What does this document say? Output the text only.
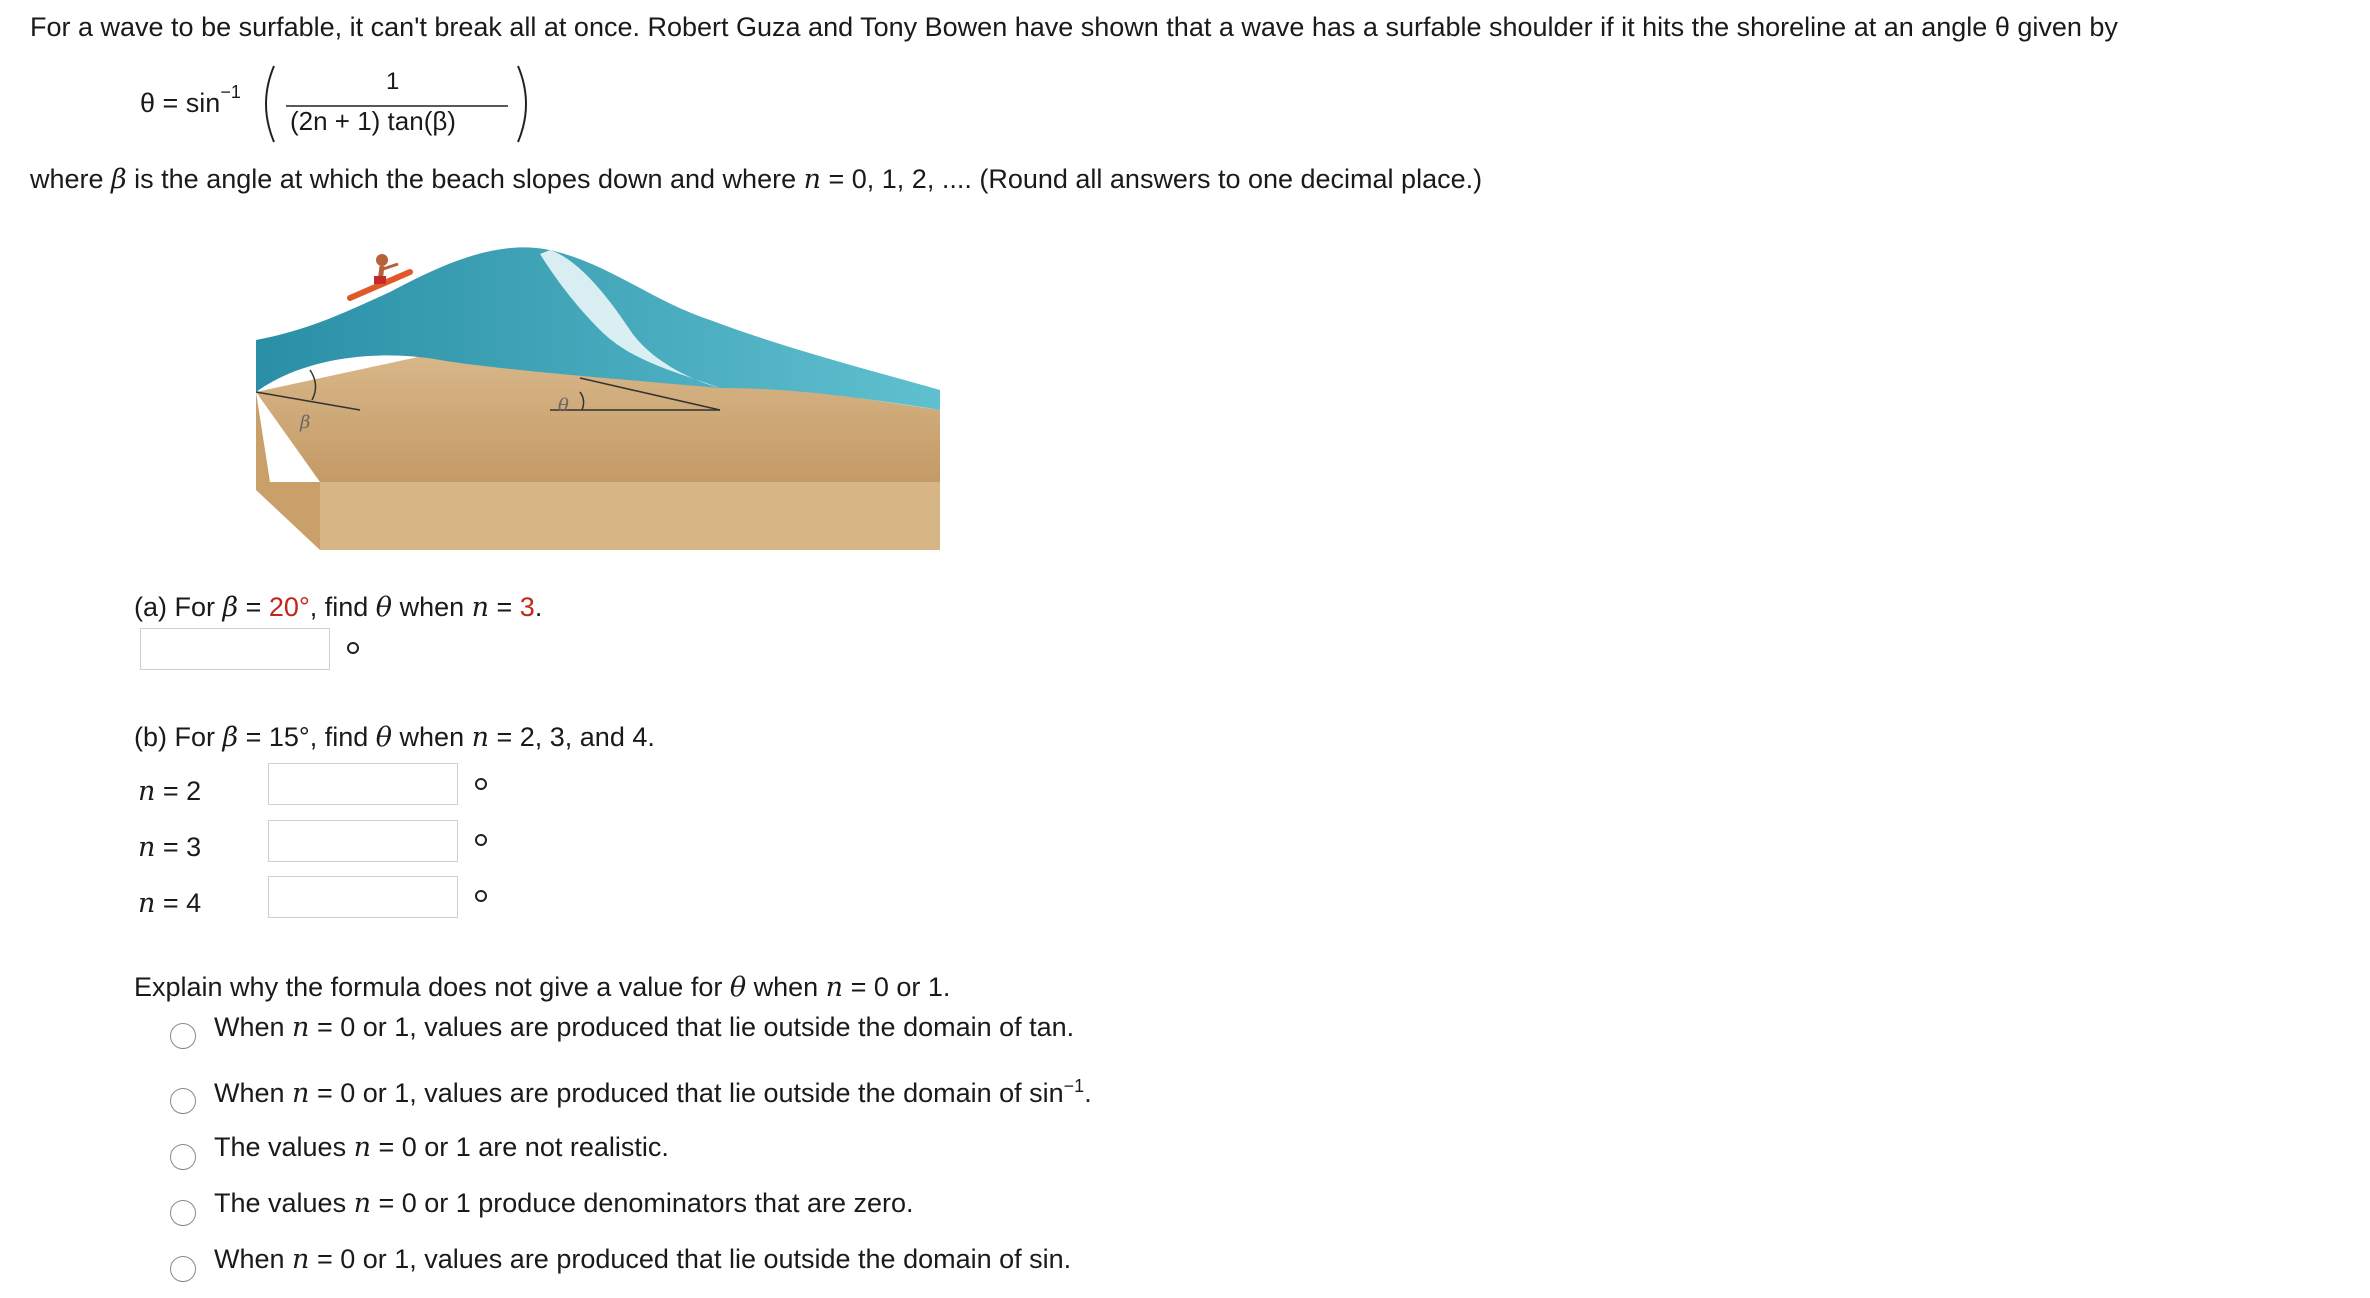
For a wave to be surfable, it can't break all at once. Robert Guza and Tony Bowen have shown that a wave has a surfable shoulder if it hits the shoreline at an angle θ given by
$\theta = \sin^{-1}$	1
(2n + 1) tan(β)
where β is the angle at which the beach slopes down and where n = 0, 1, 2, .... (Round all answers to one decimal place.)
β
θ
(a) For β = 20°, find θ when n = 3.
(b) For β = 15°, find θ when n = 2, 3, and 4.
n = 2
n = 3
n = 4
Explain why the formula does not give a value for θ when n = 0 or 1.
When n = 0 or 1, values are produced that lie outside the domain of tan.
When n = 0 or 1, values are produced that lie outside the domain of $\sin^{-1}$.
The values n = 0 or 1 are not realistic.
The values n = 0 or 1 produce denominators that are zero.
When n = 0 or 1, values are produced that lie outside the domain of sin.
